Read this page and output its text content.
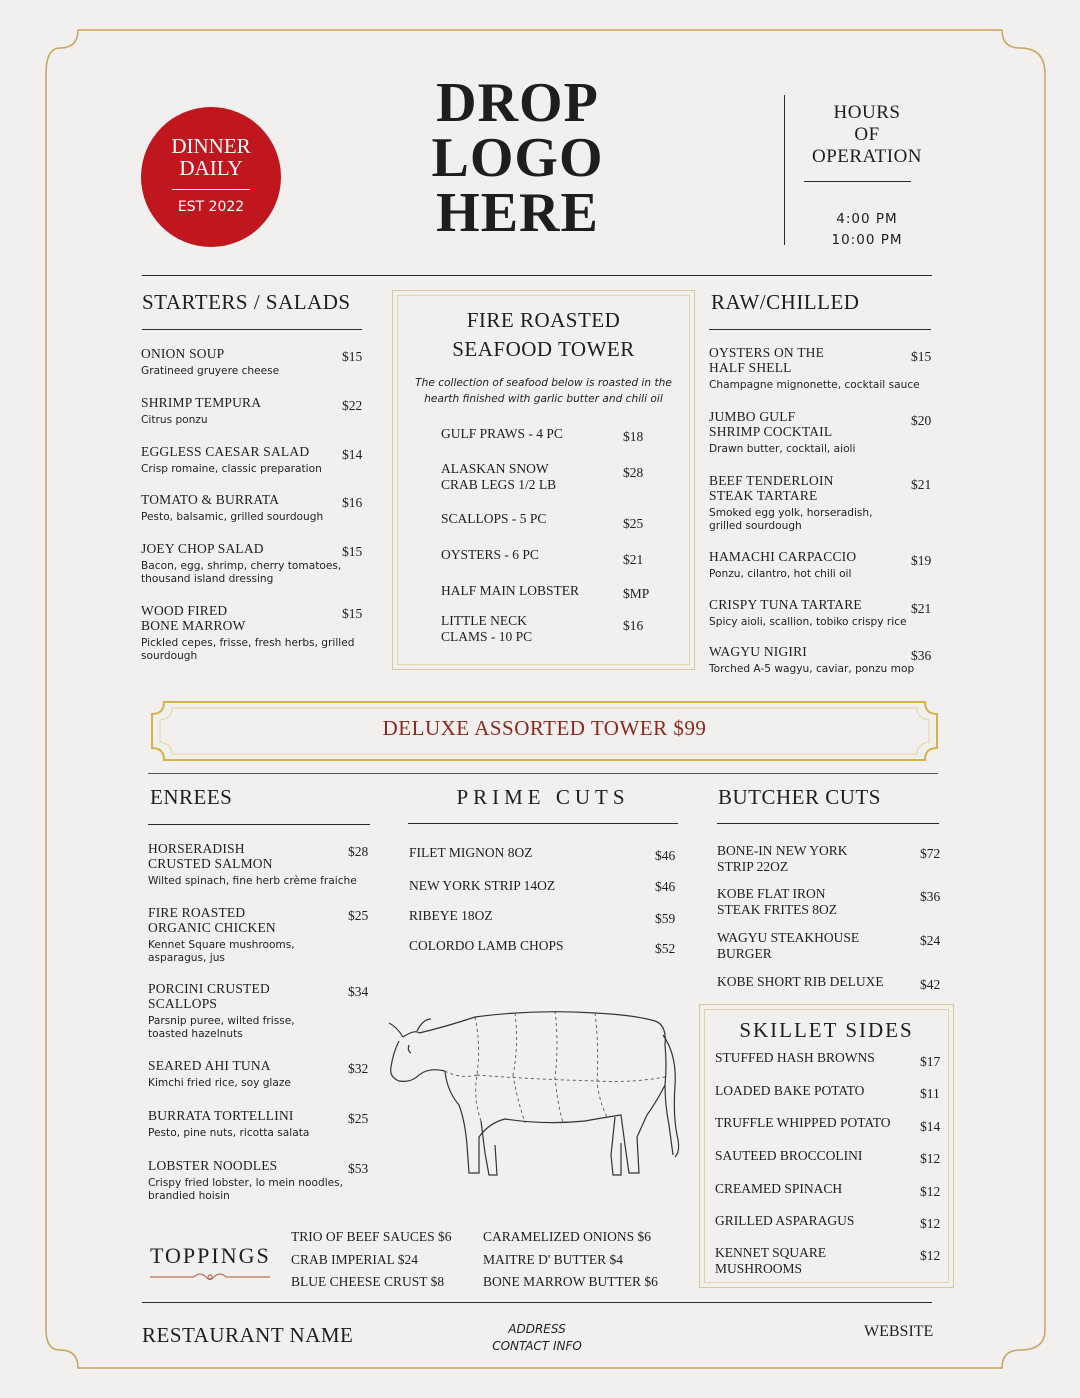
DINNER
DAILY
EST 2022
DROP
LOGO
HERE
HOURS
OF
OPERATION
4:00 PM
10:00 PM
STARTERS / SALADS
ONION SOUP
Gratineed gruyere cheese
$15
SHRIMP TEMPURA
Citrus ponzu
$22
EGGLESS CAESAR SALAD
Crisp romaine, classic preparation
$14
TOMATO & BURRATA
Pesto, balsamic, grilled sourdough
$16
JOEY CHOP SALAD
Bacon, egg, shrimp, cherry tomatoes,
thousand island dressing
$15
WOOD FIRED
BONE MARROW
Pickled cepes, frisse, fresh herbs, grilled
sourdough
$15
FIRE ROASTED
SEAFOOD TOWER
The collection of seafood below is roasted in the
hearth finished with garlic butter and chili oil
GULF PRAWS - 4 PC	$18
ALASKAN SNOW
CRAB LEGS 1/2 LB
$28
SCALLOPS - 5 PC	$25
OYSTERS - 6 PC	$21
HALF MAIN LOBSTER	$MP
LITTLE NECK
CLAMS - 10 PC
$16
RAW/CHILLED
OYSTERS ON THE
HALF SHELL
Champagne mignonette, cocktail sauce
$15
JUMBO GULF
SHRIMP COCKTAIL
Drawn butter, cocktail, aioli
$20
BEEF TENDERLOIN
STEAK TARTARE
Smoked egg yolk, horseradish,
grilled sourdough
$21
HAMACHI CARPACCIO
Ponzu, cilantro, hot chili oil
$19
CRISPY TUNA TARTARE
Spicy aioli, scallion, tobiko crispy rice
$21
WAGYU NIGIRI
Torched A-5 wagyu, caviar, ponzu mop
$36
DELUXE ASSORTED TOWER $99
ENREES
HORSERADISH
CRUSTED SALMON
Wilted spinach, fine herb crème fraiche
$28
FIRE ROASTED
ORGANIC CHICKEN
Kennet Square mushrooms,
asparagus, jus
$25
PORCINI CRUSTED
SCALLOPS
Parsnip puree, wilted frisse,
toasted hazelnuts
$34
SEARED AHI TUNA
Kimchi fried rice, soy glaze
$32
BURRATA TORTELLINI
Pesto, pine nuts, ricotta salata
$25
LOBSTER NOODLES
Crispy fried lobster, lo mein noodles,
brandied hoisin
$53
PRIME CUTS
FILET MIGNON 8OZ	$46
NEW YORK STRIP 14OZ	$46
RIBEYE 18OZ	$59
COLORDO LAMB CHOPS	$52
BUTCHER CUTS
BONE-IN NEW YORK
STRIP 22OZ
$72
KOBE FLAT IRON
STEAK FRITES 8OZ
$36
WAGYU STEAKHOUSE
BURGER
$24
KOBE SHORT RIB DELUXE	$42
SKILLET SIDES
STUFFED HASH BROWNS	$17
LOADED BAKE POTATO	$11
TRUFFLE WHIPPED POTATO	$14
SAUTEED BROCCOLINI	$12
CREAMED SPINACH	$12
GRILLED ASPARAGUS	$12
KENNET SQUARE
MUSHROOMS
$12
TOPPINGS
TRIO OF BEEF SAUCES $6
CRAB IMPERIAL $24
BLUE CHEESE CRUST $8
CARAMELIZED ONIONS $6
MAITRE D' BUTTER $4
BONE MARROW BUTTER $6
RESTAURANT NAME	ADDRESS
CONTACT INFO
WEBSITE
